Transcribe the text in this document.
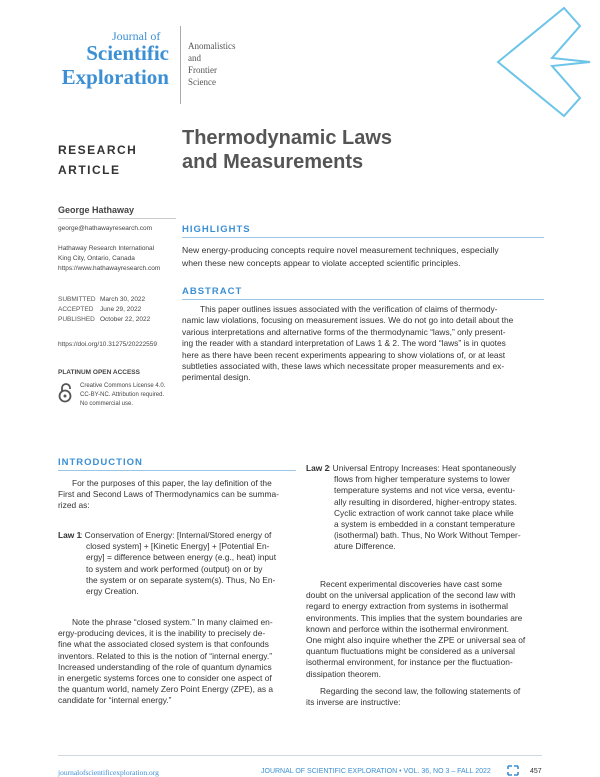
Journal of
Scientific
Exploration
Anomalistics
and
Frontier
Science
RESEARCH
ARTICLE
Thermodynamic Laws
and Measurements
George Hathaway
george@hathawayresearch.com
Hathaway Research International
King City, Ontario, Canada
https://www.hathawayresearch.com
SUBMITTED March 30, 2022
ACCEPTED June 29, 2022
PUBLISHED October 22, 2022
https://doi.org/10.31275/20222559
PLATINUM OPEN ACCESS
Creative Commons License 4.0.
CC-BY-NC. Attribution required.
No commercial use.
HIGHLIGHTS
New energy-producing concepts require novel measurement techniques, especially
when these new concepts appear to violate accepted scientific principles.
ABSTRACT
This paper outlines issues associated with the verification of claims of thermody-
namic law violations, focusing on measurement issues. We do not go into detail about the
various interpretations and alternative forms of the thermodynamic “laws,” only present-
ing the reader with a standard interpretation of Laws 1 & 2. The word “laws” is in quotes
here as there have been recent experiments appearing to show violations of, or at least
subtleties associated with, these laws which necessitate proper measurements and ex-
perimental design.
INTRODUCTION
For the purposes of this paper, the lay definition of the
First and Second Laws of Thermodynamics can be summa-
rized as:
Law 1
: Conservation of Energy: [Internal/Stored energy of
closed system] + [Kinetic Energy] + [Potential En-
ergy] = difference between energy (e.g., heat) input
to system and work performed (output) on or by
the system or on separate system(s). Thus, No En-
ergy Creation.
Note the phrase “closed system.” In many claimed en-
ergy-producing devices, it is the inability to precisely de-
fine what the associated closed system is that confounds
inventors. Related to this is the notion of “internal energy.”
Increased understanding of the role of quantum dynamics
in energetic systems forces one to consider one aspect of
the quantum world, namely Zero Point Energy (ZPE), as a
candidate for “internal energy.”
Law 2
: Universal Entropy Increases: Heat spontaneously
flows from higher temperature systems to lower
temperature systems and not vice versa, eventu-
ally resulting in disordered, higher-entropy states.
Cyclic extraction of work cannot take place while
a system is embedded in a constant temperature
(isothermal) bath. Thus, No Work Without Temper-
ature Difference.
Recent experimental discoveries have cast some
doubt on the universal application of the second law with
regard to energy extraction from systems in isothermal
environments. This implies that the system boundaries are
known and perforce within the isothermal environment.
One might also inquire whether the ZPE or universal sea of
quantum fluctuations might be considered as a universal
isothermal environment, for instance per the fluctuation-
dissipation theorem.
Regarding the second law, the following statements of
its inverse are instructive:
journalofscientificexploration.org	JOURNAL OF SCIENTIFIC EXPLORATION • VOL. 36, NO 3 – FALL 2022	457
